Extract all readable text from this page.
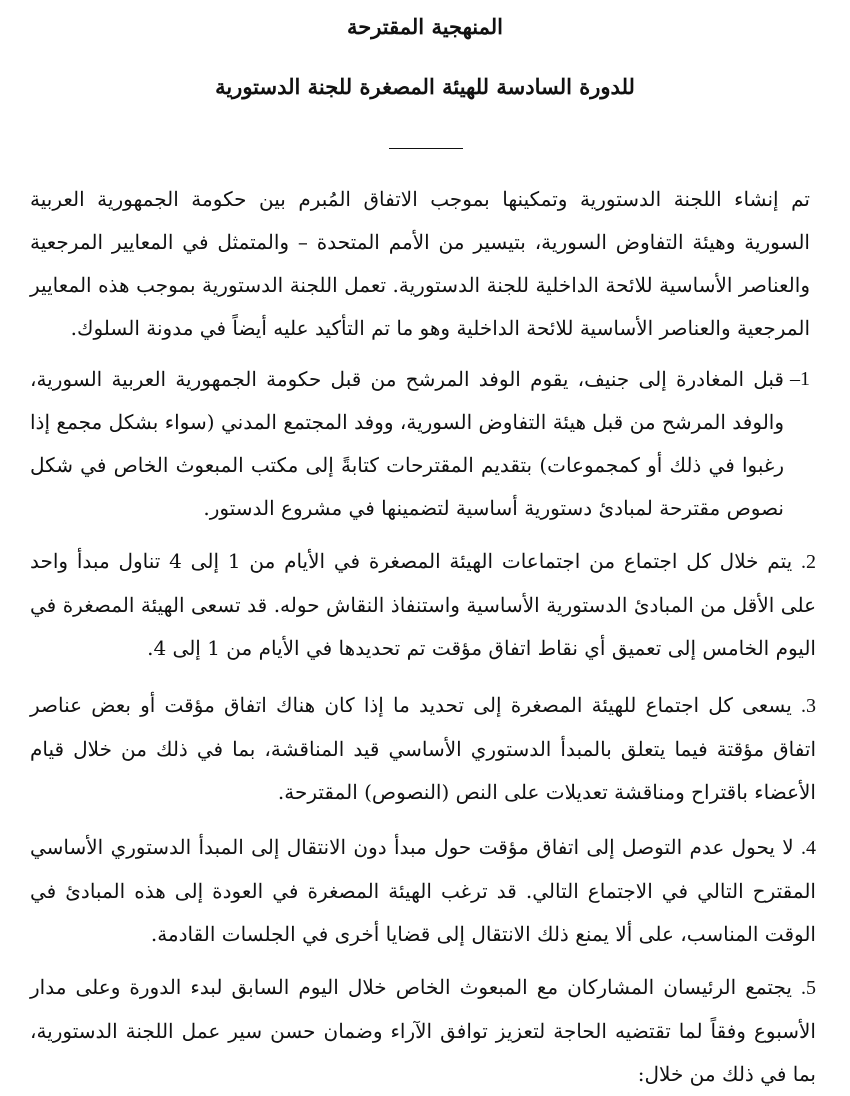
المنهجية المقترحة
للدورة السادسة للهيئة المصغرة للجنة الدستورية

تم إنشاء اللجنة الدستورية وتمكينها بموجب الاتفاق المُبرم بين حكومة الجمهورية العربية السورية وهيئة التفاوض السورية، بتيسير من الأمم المتحدة – والمتمثل في المعايير المرجعية والعناصر الأساسية للائحة الداخلية للجنة الدستورية. تعمل اللجنة الدستورية بموجب هذه المعايير المرجعية والعناصر الأساسية للائحة الداخلية وهو ما تم التأكيد عليه أيضاً في مدونة السلوك.

1–
قبل المغادرة إلى جنيف، يقوم الوفد المرشح من قبل حكومة الجمهورية العربية السورية، والوفد المرشح من قبل هيئة التفاوض السورية، ووفد المجتمع المدني (سواء بشكل مجمع إذا رغبوا في ذلك أو كمجموعات) بتقديم المقترحات كتابةً إلى مكتب المبعوث الخاص في شكل نصوص مقترحة لمبادئ دستورية أساسية لتضمينها في مشروع الدستور.
2. يتم خلال كل اجتماع من اجتماعات الهيئة المصغرة في الأيام من 1 إلى 4 تناول مبدأ واحد على الأقل من المبادئ الدستورية الأساسية واستنفاذ النقاش حوله. قد تسعى الهيئة المصغرة في اليوم الخامس إلى تعميق أي نقاط اتفاق مؤقت تم تحديدها في الأيام من 1 إلى 4.
3. يسعى كل اجتماع للهيئة المصغرة إلى تحديد ما إذا كان هناك اتفاق مؤقت أو بعض عناصر اتفاق مؤقتة فيما يتعلق بالمبدأ الدستوري الأساسي قيد المناقشة، بما في ذلك من خلال قيام الأعضاء باقتراح ومناقشة تعديلات على النص (النصوص) المقترحة.
4. لا يحول عدم التوصل إلى اتفاق مؤقت حول مبدأ دون الانتقال إلى المبدأ الدستوري الأساسي المقترح التالي في الاجتماع التالي. قد ترغب الهيئة المصغرة في العودة إلى هذه المبادئ في الوقت المناسب، على ألا يمنع ذلك الانتقال إلى قضايا أخرى في الجلسات القادمة.
5. يجتمع الرئيسان المشاركان مع المبعوث الخاص خلال اليوم السابق لبدء الدورة وعلى مدار الأسبوع وفقاً لما تقتضيه الحاجة لتعزيز توافق الآراء وضمان حسن سير عمل اللجنة الدستورية، بما في ذلك من خلال:
